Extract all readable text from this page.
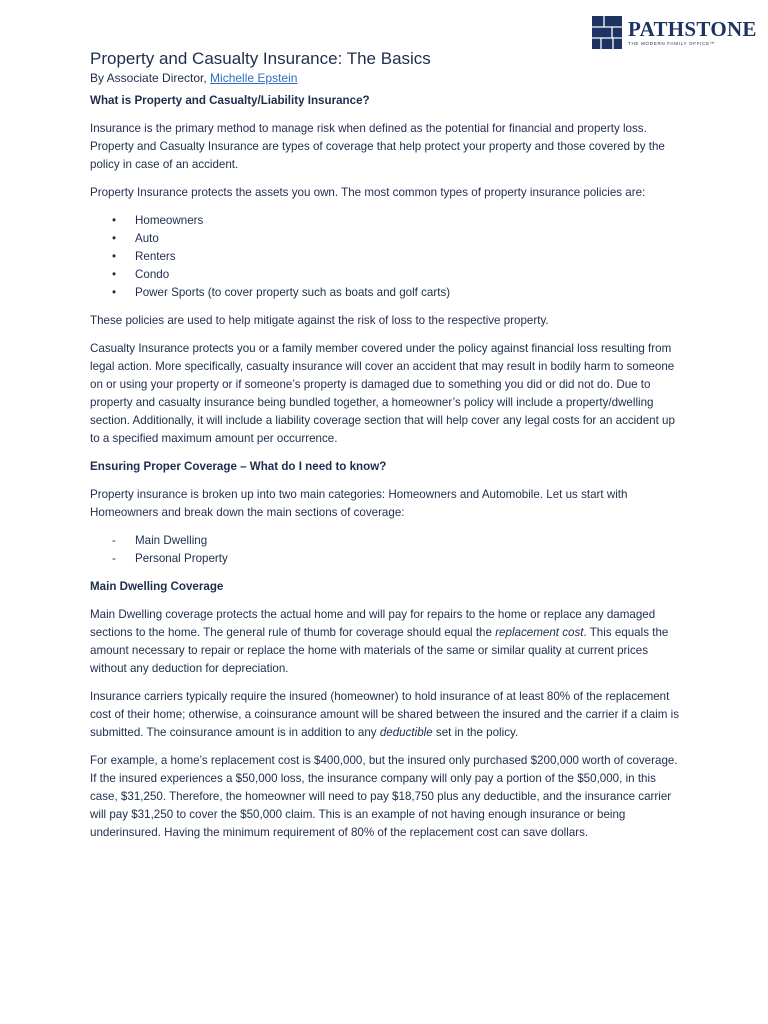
PATHSTONE
THE MODERN FAMILY OFFICE™
Property and Casualty Insurance: The Basics
By Associate Director, Michelle Epstein
What is Property and Casualty/Liability Insurance?

Insurance is the primary method to manage risk when defined as the potential for financial and property loss. Property and Casualty Insurance are types of coverage that help protect your property and those covered by the policy in case of an accident.

Property Insurance protects the assets you own. The most common types of property insurance policies are:

• Homeowners
• Auto
• Renters
• Condo
• Power Sports (to cover property such as boats and golf carts)

These policies are used to help mitigate against the risk of loss to the respective property.

Casualty Insurance protects you or a family member covered under the policy against financial loss resulting from legal action. More specifically, casualty insurance will cover an accident that may result in bodily harm to someone on or using your property or if someone’s property is damaged due to something you did or did not do. Due to property and casualty insurance being bundled together, a homeowner’s policy will include a property/dwelling section. Additionally, it will include a liability coverage section that will help cover any legal costs for an accident up to a specified maximum amount per occurrence.

Ensuring Proper Coverage – What do I need to know?

Property insurance is broken up into two main categories: Homeowners and Automobile. Let us start with Homeowners and break down the main sections of coverage:

- Main Dwelling
- Personal Property
Main Dwelling Coverage

Main Dwelling coverage protects the actual home and will pay for repairs to the home or replace any damaged sections to the home. The general rule of thumb for coverage should equal the replacement cost. This equals the amount necessary to repair or replace the home with materials of the same or similar quality at current prices without any deduction for depreciation.

Insurance carriers typically require the insured (homeowner) to hold insurance of at least 80% of the replacement cost of their home; otherwise, a coinsurance amount will be shared between the insured and the carrier if a claim is submitted. The coinsurance amount is in addition to any deductible set in the policy.

For example, a home’s replacement cost is $400,000, but the insured only purchased $200,000 worth of coverage. If the insured experiences a $50,000 loss, the insurance company will only pay a portion of the $50,000, in this case, $31,250. Therefore, the homeowner will need to pay $18,750 plus any deductible, and the insurance carrier will pay $31,250 to cover the $50,000 claim. This is an example of not having enough insurance or being underinsured. Having the minimum requirement of 80% of the replacement cost can save dollars.
